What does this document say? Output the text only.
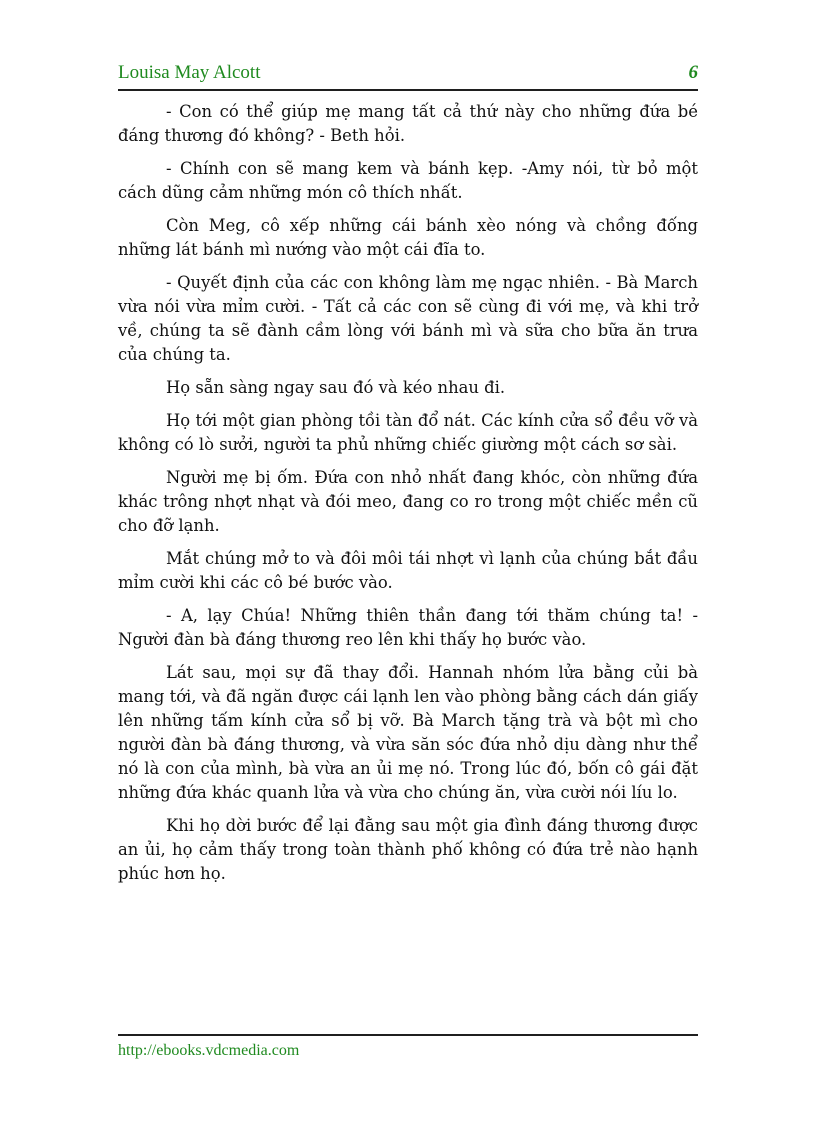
Louisa May Alcott	6

- Con có thể giúp mẹ mang tất cả thứ này cho những đứa bé đáng thương đó không? - Beth hỏi.

- Chính con sẽ mang kem và bánh kẹp. -Amy nói, từ bỏ một cách dũng cảm những món cô thích nhất.

Còn Meg, cô xếp những cái bánh xèo nóng và chồng đống những lát bánh mì nướng vào một cái đĩa to.

- Quyết định của các con không làm mẹ ngạc nhiên. - Bà March vừa nói vừa mỉm cười. - Tất cả các con sẽ cùng đi với mẹ, và khi trở về, chúng ta sẽ đành cầm lòng với bánh mì và sữa cho bữa ăn trưa của chúng ta.

Họ sẵn sàng ngay sau đó và kéo nhau đi.

Họ tới một gian phòng tồi tàn đổ nát. Các kính cửa sổ đều vỡ và không có lò sưởi, người ta phủ những chiếc giường một cách sơ sài.

Người mẹ bị ốm. Đứa con nhỏ nhất đang khóc, còn những đứa khác trông nhợt nhạt và đói meo, đang co ro trong một chiếc mền cũ cho đỡ lạnh.

Mắt chúng mở to và đôi môi tái nhợt vì lạnh của chúng bắt đầu mỉm cười khi các cô bé bước vào.

- A, lạy Chúa! Những thiên thần đang tới thăm chúng ta! - Người đàn bà đáng thương reo lên khi thấy họ bước vào.

Lát sau, mọi sự đã thay đổi. Hannah nhóm lửa bằng củi bà mang tới, và đã ngăn được cái lạnh len vào phòng bằng cách dán giấy lên những tấm kính cửa sổ bị vỡ. Bà March tặng trà và bột mì cho người đàn bà đáng thương, và vừa săn sóc đứa nhỏ dịu dàng như thể nó là con của mình, bà vừa an ủi mẹ nó. Trong lúc đó, bốn cô gái đặt những đứa khác quanh lửa và vừa cho chúng ăn, vừa cười nói líu lo.

Khi họ dời bước để lại đằng sau một gia đình đáng thương được an ủi, họ cảm thấy trong toàn thành phố không có đứa trẻ nào hạnh phúc hơn họ.

http://ebooks.vdcmedia.com
